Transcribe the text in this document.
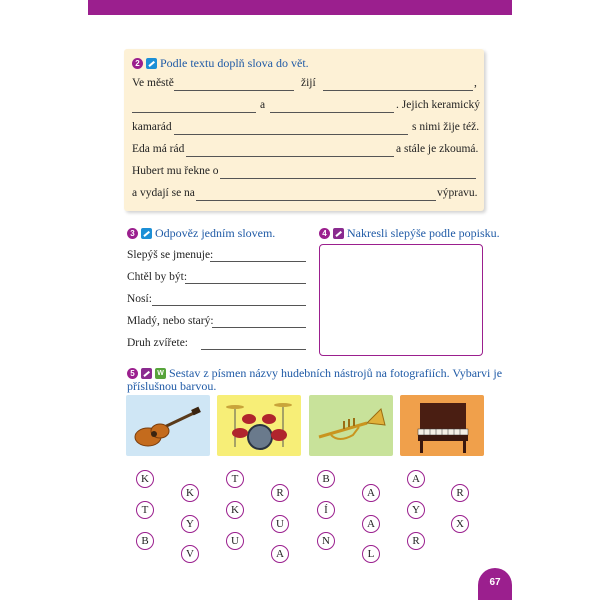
2 Podle textu doplň slova do vět.
Ve městě	žijí	,
a	. Jejich keramický
kamarád	s nimi žije též.
Eda má rád	a stále je zkoumá.
Hubert mu řekne o
a vydají se na	výpravu.
3 Odpověz jedním slovem.
Slepýš se jmenuje:
Chtěl by být:
Nosí:
Mladý, nebo starý:
Druh zvířete:
4 Nakresli slepýše podle popisku.
5
W	Sestav z písmen názvy hudebních nástrojů na fotografiích. Vybarvi je
příslušnou barvou.
K
K
T
Y
B
V
T
R
K
U
U
A
B
A
Í
A
N
L
A
R
Y
X
R
67
